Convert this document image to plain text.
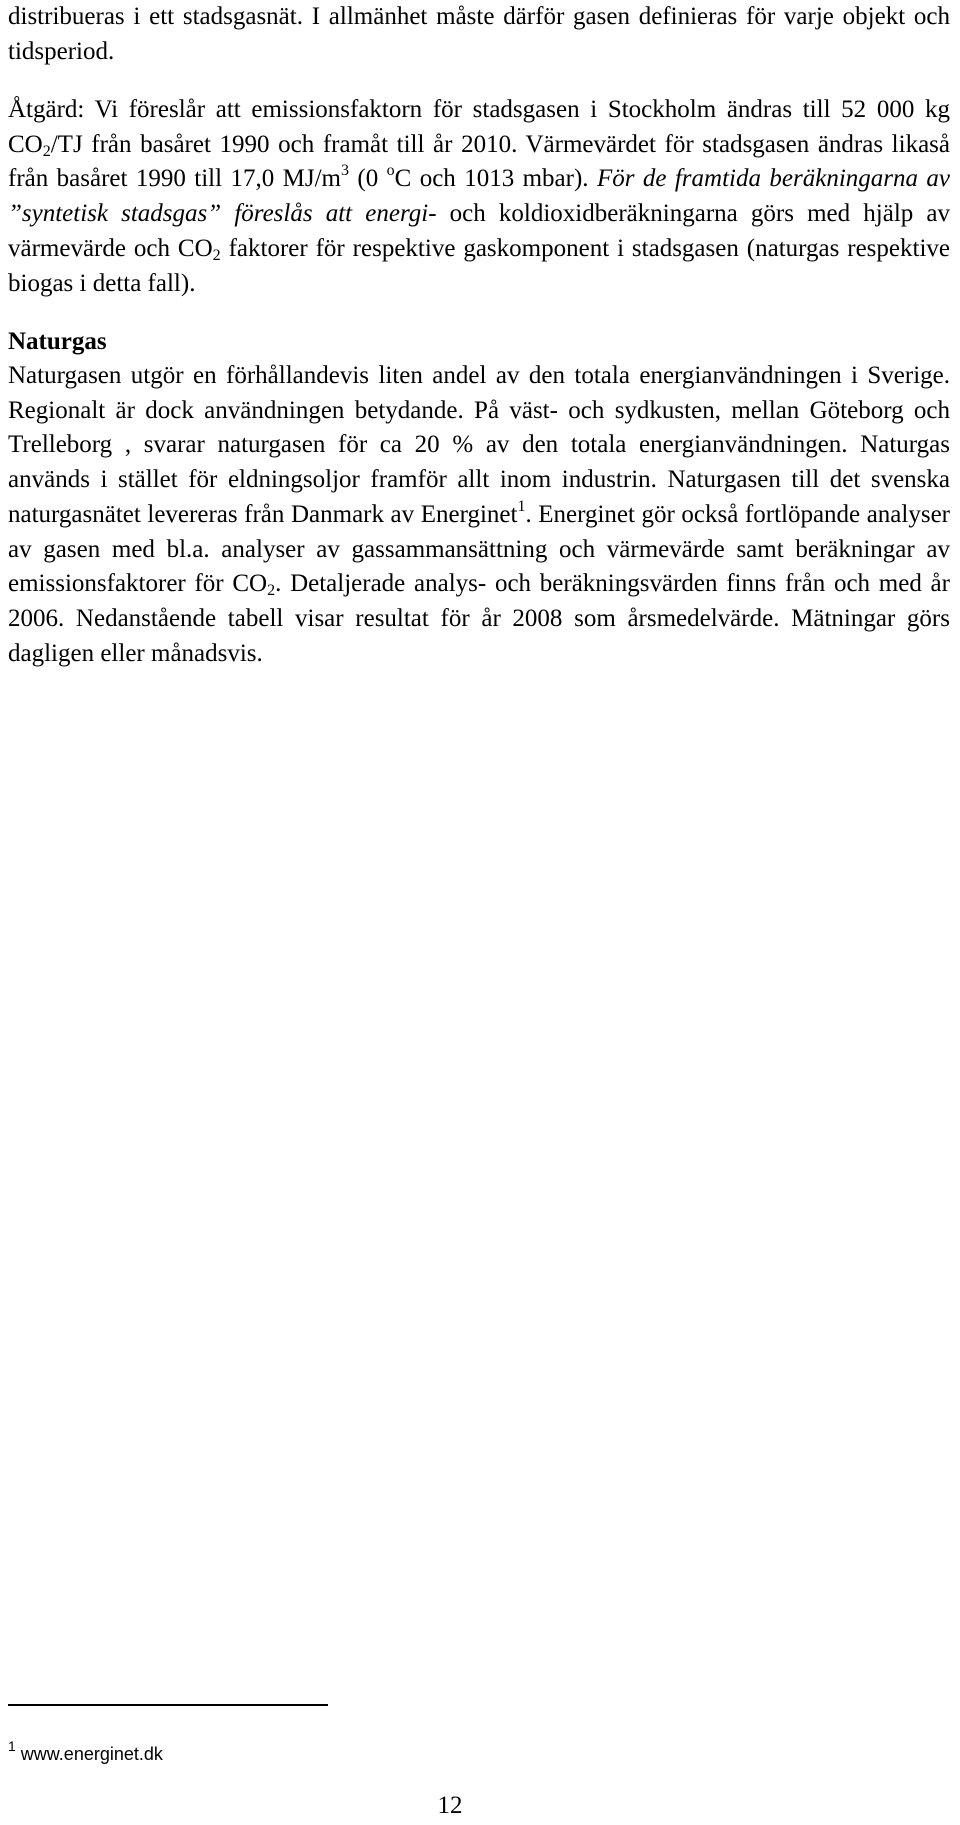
distribueras i ett stadsgasnät. I allmänhet måste därför gasen definieras för varje objekt och tidsperiod.

Åtgärd: Vi föreslår att emissionsfaktorn för stadsgasen i Stockholm ändras till 52 000 kg $CO_2/TJ$ från basåret 1990 och framåt till år 2010. Värmevärdet för stadsgasen ändras likaså från basåret 1990 till 17,0 $MJ/m^3$ (0 $^o$C och 1013 mbar). För de framtida beräkningarna av ”syntetisk stadsgas” föreslås att energi- och koldioxidberäkningarna görs med hjälp av värmevärde och $CO_2$ faktorer för respektive gaskomponent i stadsgasen (naturgas respektive biogas i detta fall).

Naturgas

Naturgasen utgör en förhållandevis liten andel av den totala energianvändningen i Sverige. Regionalt är dock användningen betydande. På väst- och sydkusten, mellan Göteborg och Trelleborg , svarar naturgasen för ca 20 % av den totala energianvändningen. Naturgas används i stället för eldningsoljor framför allt inom industrin. Naturgasen till det svenska naturgasnätet levereras från Danmark av Energinet$^1$. Energinet gör också fortlöpande analyser av gasen med bl.a. analyser av gassammansättning och värmevärde samt beräkningar av emissionsfaktorer för $CO_2$. Detaljerade analys- och beräkningsvärden finns från och med år 2006. Nedanstående tabell visar resultat för år 2008 som årsmedelvärde. Mätningar görs dagligen eller månadsvis.

$^1$ www.energinet.dk
12
